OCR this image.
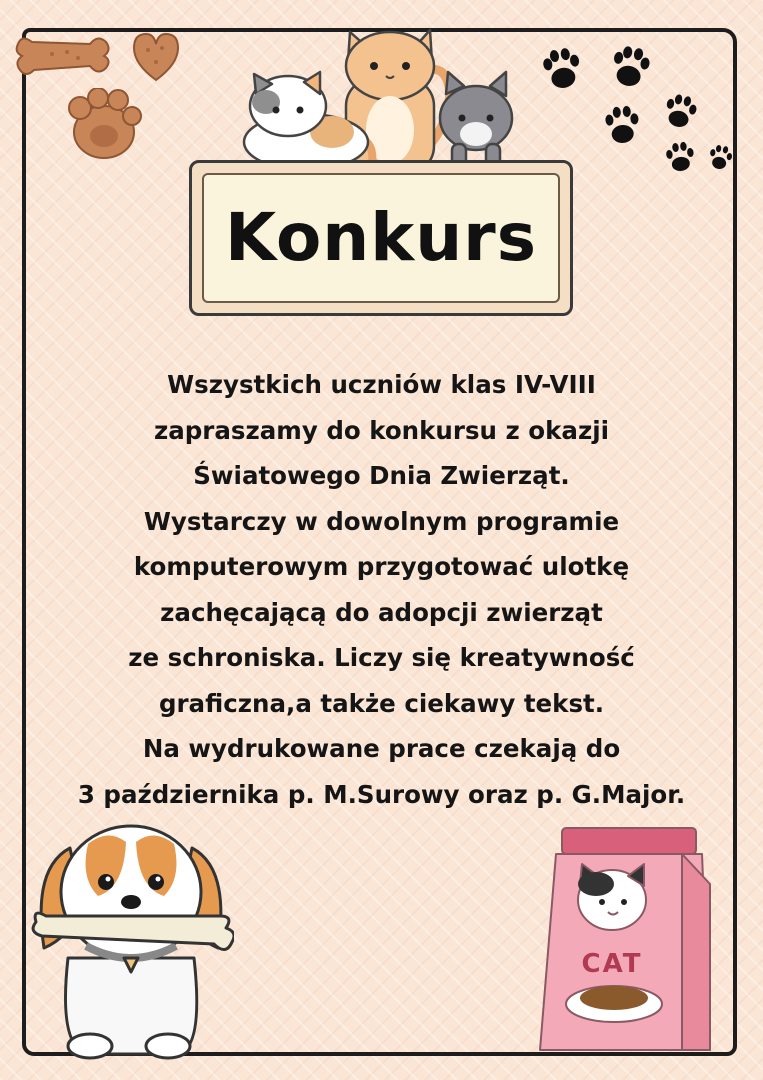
Konkurs
Wszystkich uczniów klas IV-VIII
zapraszamy do konkursu z okazji
Światowego Dnia Zwierząt.
Wystarczy w dowolnym programie
komputerowym przygotować ulotkę
zachęcającą do adopcji zwierząt
ze schroniska. Liczy się kreatywność
graficzna,a także ciekawy tekst.
Na wydrukowane prace czekają do
3 października p. M.Surowy oraz p. G.Major.
CAT
